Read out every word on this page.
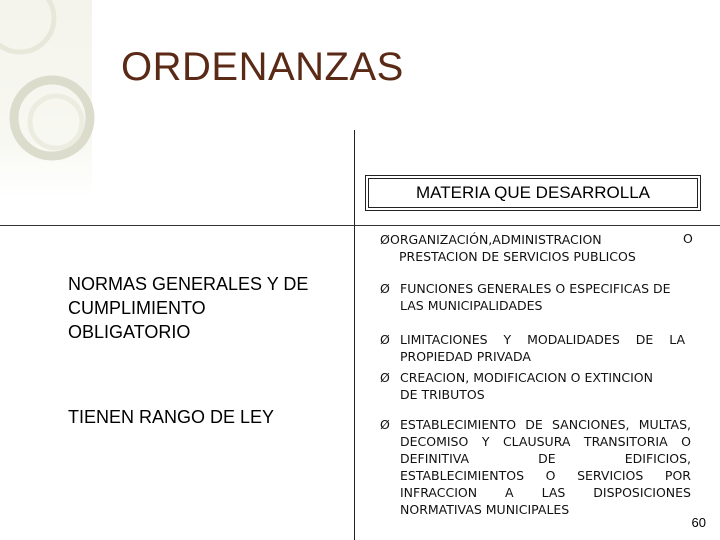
ORDENANZAS
MATERIA QUE DESARROLLA
NORMAS GENERALES Y DE CUMPLIMIENTO OBLIGATORIO
TIENEN RANGO DE LEY
Ø ORGANIZACIÓN,ADMINISTRACION
PRESTACION DE SERVICIOS PUBLICOS
O
Ø FUNCIONES GENERALES O ESPECIFICAS DE
LAS MUNICIPALIDADES
Ø LIMITACIONES Y MODALIDADES DE LA
PROPIEDAD PRIVADA
Ø CREACION, MODIFICACION O EXTINCION
DE TRIBUTOS
Ø ESTABLECIMIENTO DE SANCIONES, MULTAS,
DECOMISO Y CLAUSURA TRANSITORIA O
DEFINITIVA DE EDIFICIOS,
ESTABLECIMIENTOS O SERVICIOS POR
INFRACCION A LAS DISPOSICIONES
NORMATIVAS MUNICIPALES
60
